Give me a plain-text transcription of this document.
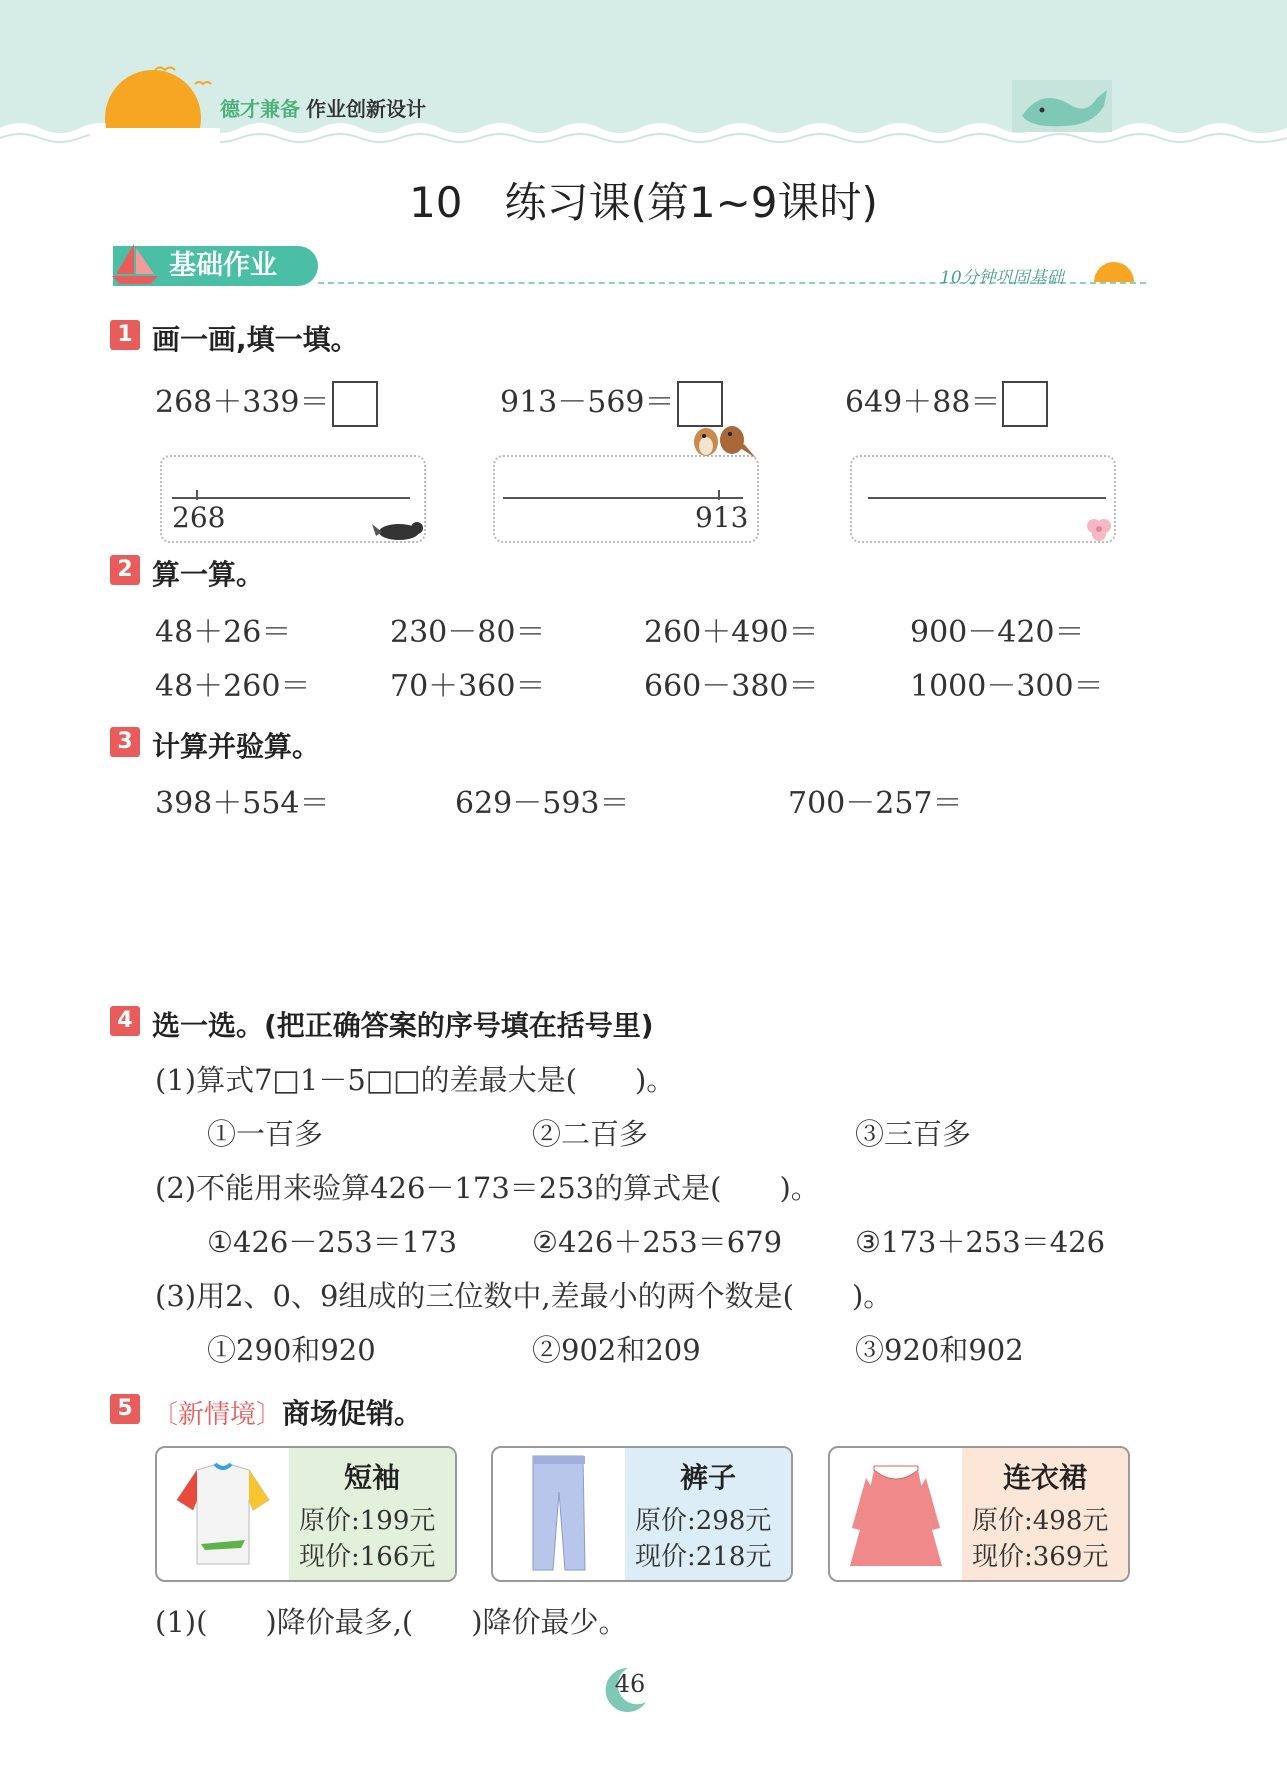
德才兼备 作业创新设计
10　练习课(第1~9课时)
基础作业	10分钟巩固基础
1 画一画,填一填。
268＋339＝	913－569＝	649＋88＝
268	913
2 算一算。
48＋26＝	230－80＝	260＋490＝	900－420＝
48＋260＝	70＋360＝	660－380＝	1000－300＝
3 计算并验算。
398＋554＝	629－593＝	700－257＝
4 选一选。(把正确答案的序号填在括号里)
(1)算式7□1－5□□的差最大是(　　)。
①一百多	②二百多	③三百多
(2)不能用来验算426－173＝253的算式是(　　)。
①426－253＝173	②426＋253＝679	③173＋253＝426
(3)用2、0、9组成的三位数中,差最小的两个数是(　　)。
①290和920	②902和209	③920和902
5 〔新情境〕商场促销。
短袖
原价:199元
现价:166元
裤子
原价:298元
现价:218元
连衣裙
原价:498元
现价:369元
(1)(　　)降价最多,(　　)降价最少。
46
